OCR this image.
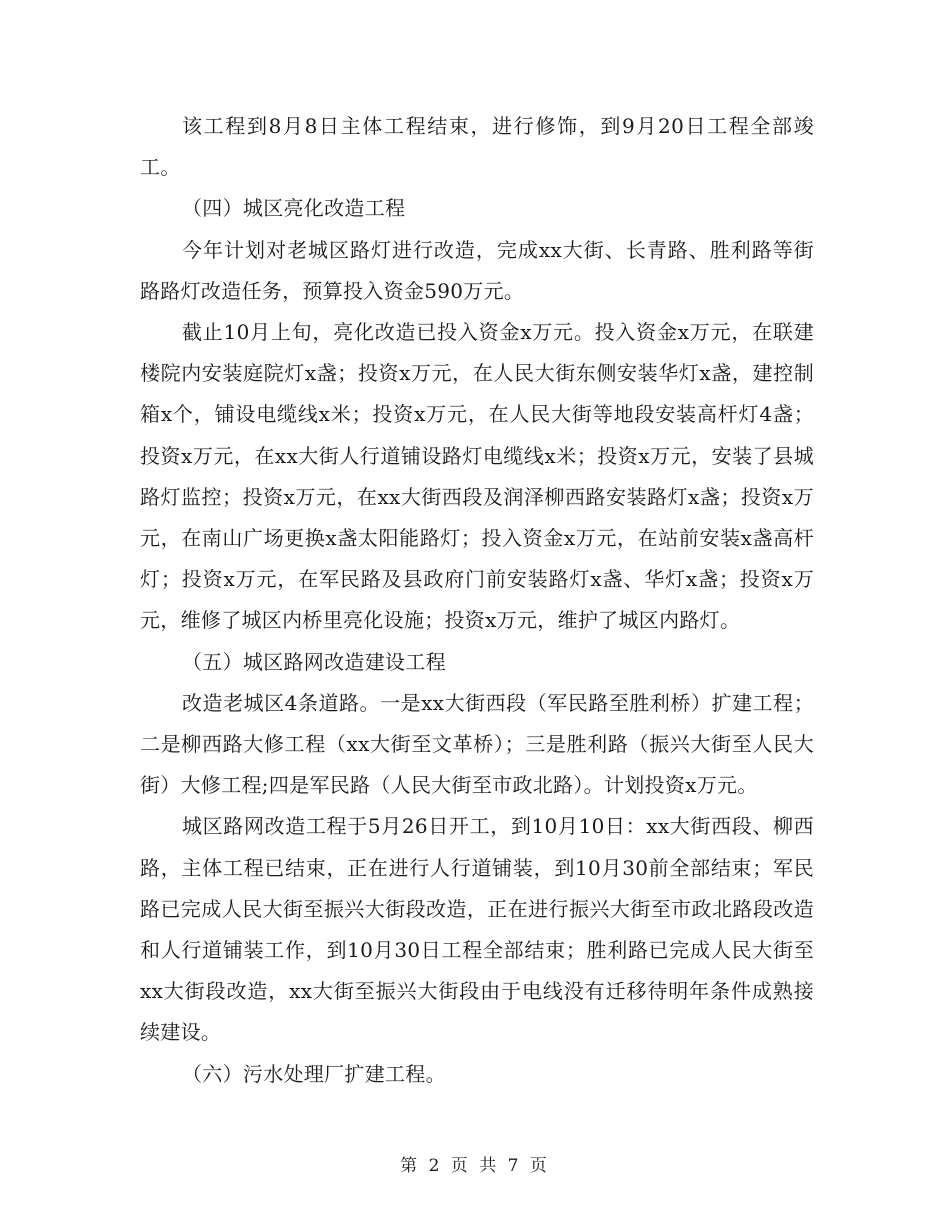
该工程到8月8日主体工程结束，进行修饰，到9月20日工程全部竣工。

（四）城区亮化改造工程

今年计划对老城区路灯进行改造，完成xx大街、长青路、胜利路等街路路灯改造任务，预算投入资金590万元。

截止10月上旬，亮化改造已投入资金x万元。投入资金x万元，在联建楼院内安装庭院灯x盏；投资x万元，在人民大街东侧安装华灯x盏，建控制箱x个，铺设电缆线x米；投资x万元，在人民大街等地段安装高杆灯4盏；投资x万元，在xx大街人行道铺设路灯电缆线x米；投资x万元，安装了县城路灯监控；投资x万元，在xx大街西段及润泽柳西路安装路灯x盏；投资x万元，在南山广场更换x盏太阳能路灯；投入资金x万元，在站前安装x盏高杆灯；投资x万元，在军民路及县政府门前安装路灯x盏、华灯x盏；投资x万元，维修了城区内桥里亮化设施；投资x万元，维护了城区内路灯。

（五）城区路网改造建设工程

改造老城区4条道路。一是xx大街西段（军民路至胜利桥）扩建工程；二是柳西路大修工程（xx大街至文革桥）；三是胜利路（振兴大街至人民大街）大修工程;四是军民路（人民大街至市政北路）。计划投资x万元。

城区路网改造工程于5月26日开工，到10月10日：xx大街西段、柳西路，主体工程已结束，正在进行人行道铺装，到10月30前全部结束；军民路已完成人民大街至振兴大街段改造，正在进行振兴大街至市政北路段改造和人行道铺装工作，到10月30日工程全部结束；胜利路已完成人民大街至xx大街段改造，xx大街至振兴大街段由于电线没有迁移待明年条件成熟接续建设。

（六）污水处理厂扩建工程。

第 2 页 共 7 页
